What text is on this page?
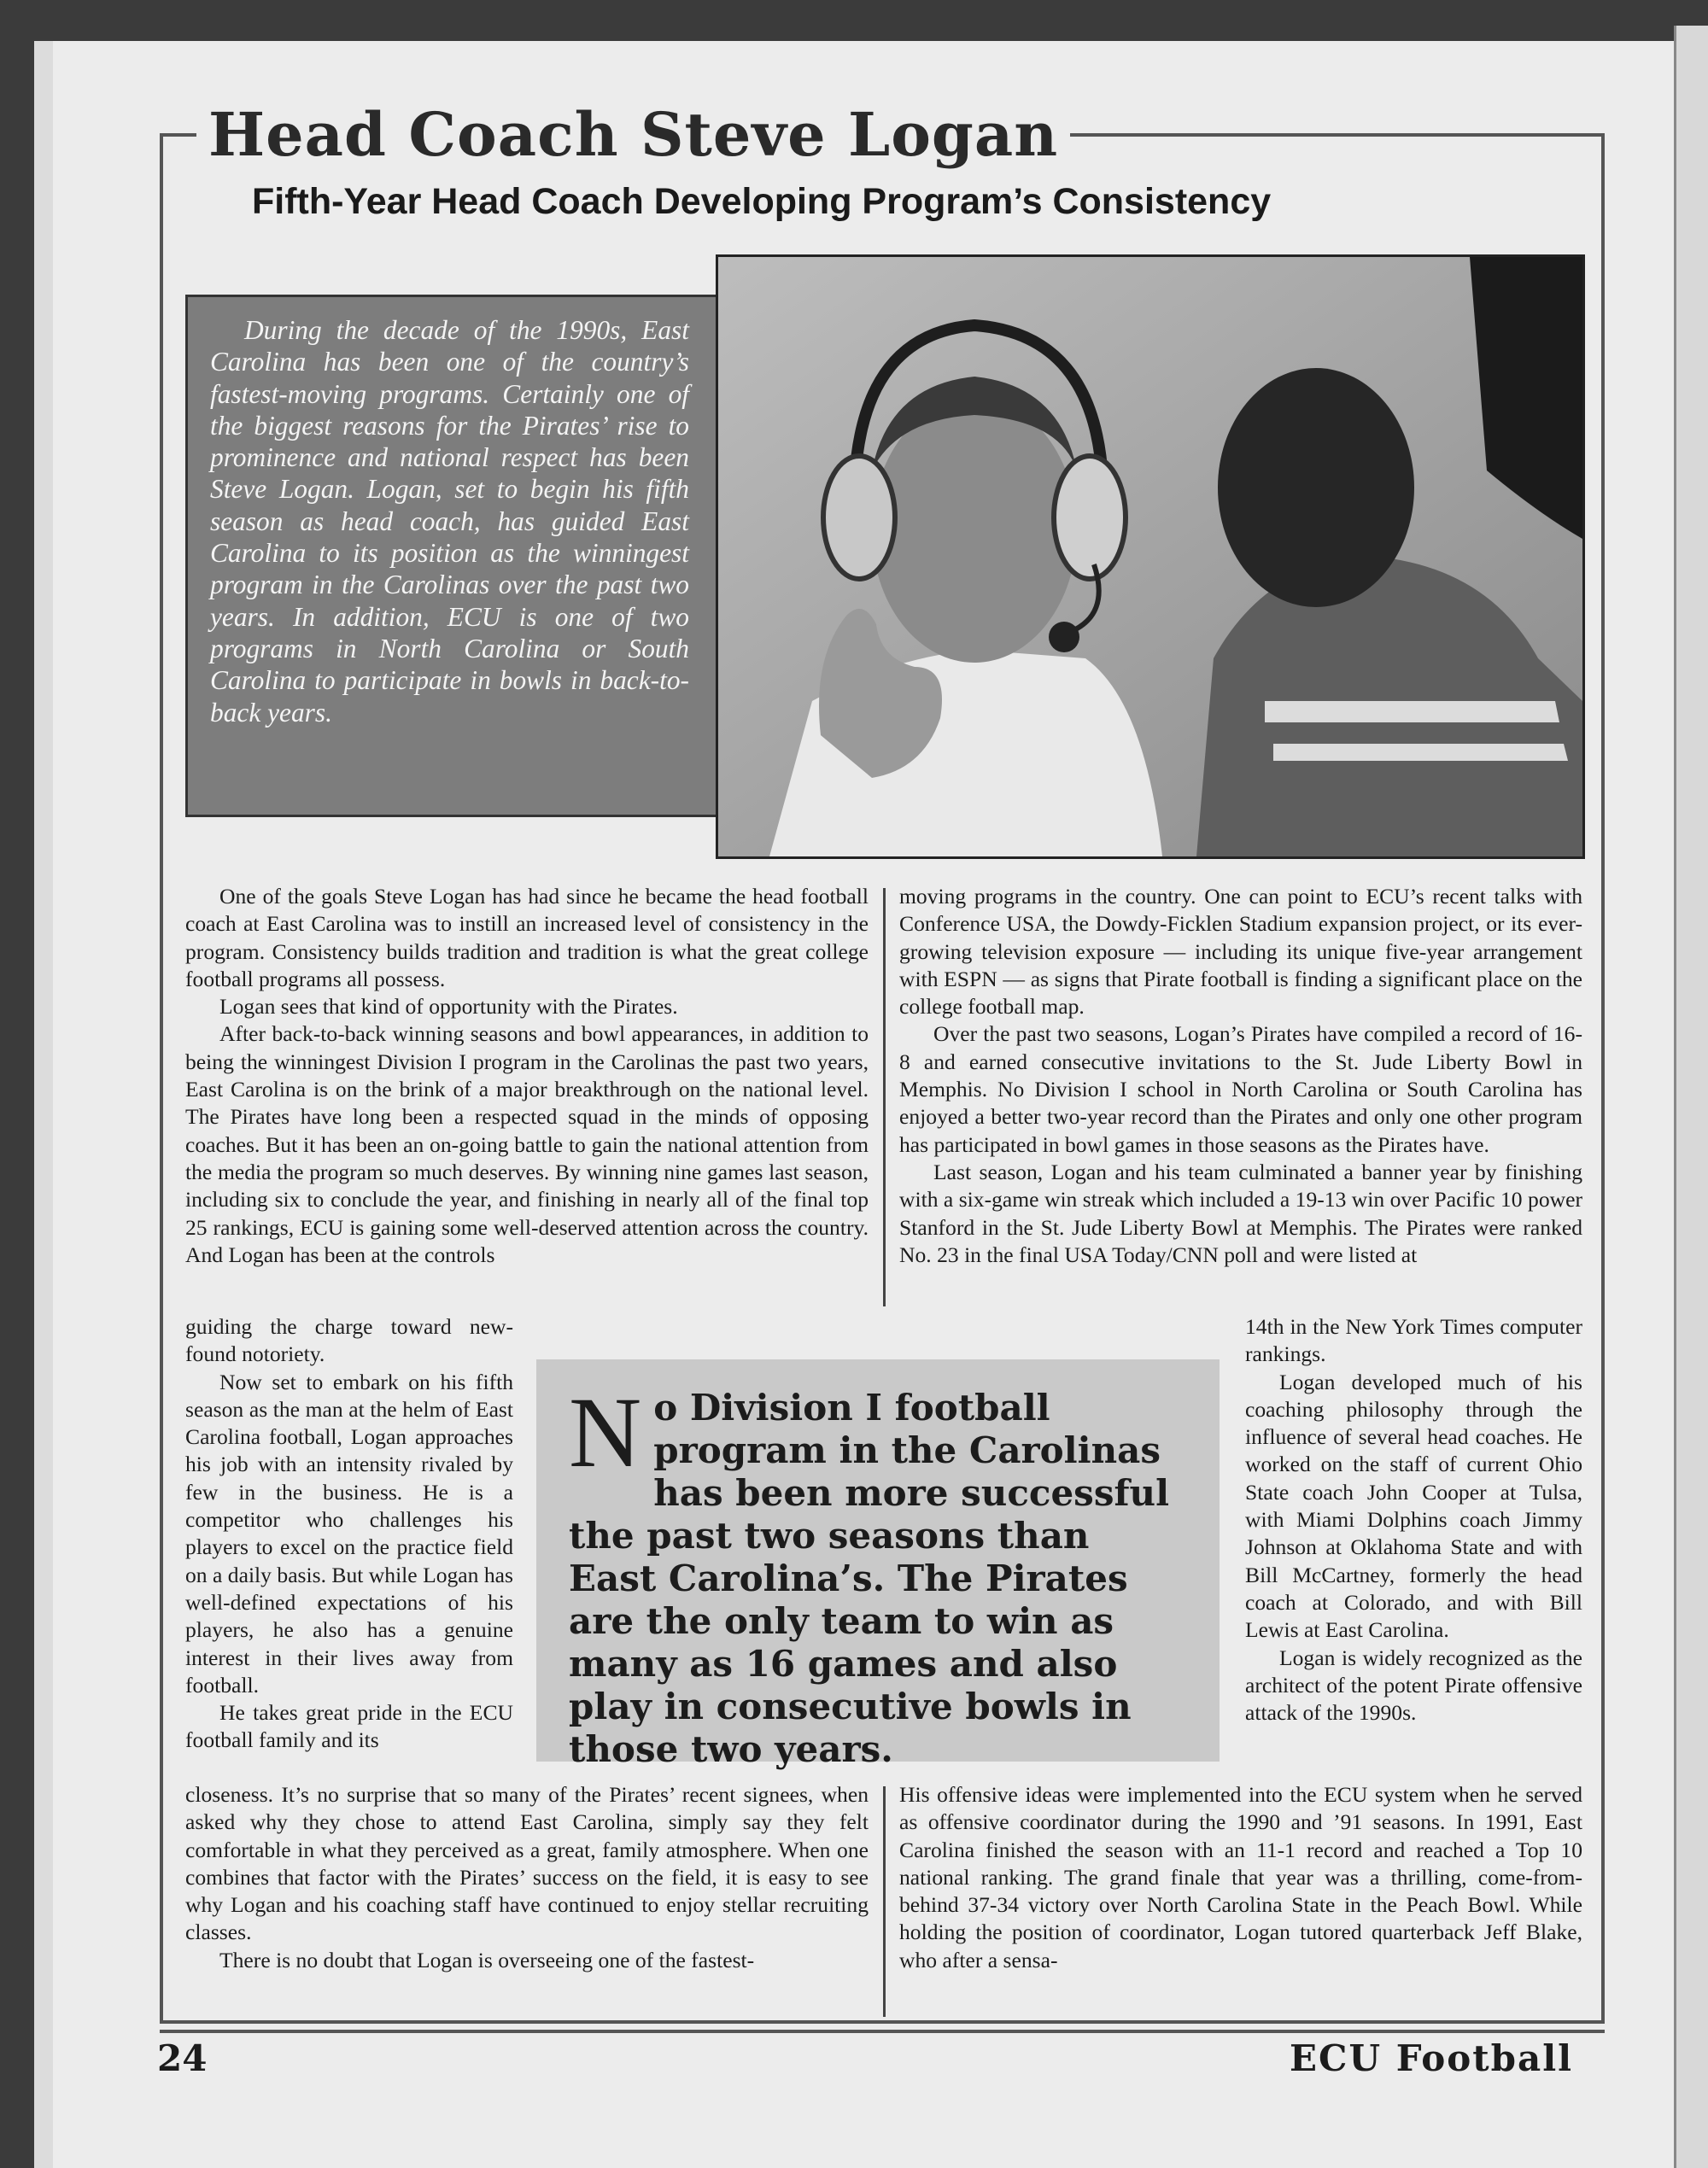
Head Coach Steve Logan
Fifth-Year Head Coach Developing Program’s Consistency

During the decade of the 1990s, East Carolina has been one of the country’s fastest-moving programs. Certainly one of the biggest reasons for the Pirates’ rise to prominence and national respect has been Steve Logan. Logan, set to begin his fifth season as head coach, has guided East Carolina to its position as the winningest program in the Carolinas over the past two years. In addition, ECU is one of two programs in North Carolina or South Carolina to participate in bowls in back-to-back years.

One of the goals Steve Logan has had since he became the head football coach at East Carolina was to instill an increased level of consistency in the program. Consistency builds tradition and tradition is what the great college football programs all possess.

Logan sees that kind of opportunity with the Pirates.

After back-to-back winning seasons and bowl appearances, in addition to being the winningest Division I program in the Carolinas the past two years, East Carolina is on the brink of a major breakthrough on the national level. The Pirates have long been a respected squad in the minds of opposing coaches. But it has been an on-going battle to gain the national attention from the media the program so much deserves. By winning nine games last season, including six to conclude the year, and finishing in nearly all of the final top 25 rankings, ECU is gaining some well-deserved attention across the country. And Logan has been at the controls

moving programs in the country. One can point to ECU’s recent talks with Conference USA, the Dowdy-Ficklen Stadium expansion project, or its ever-growing television exposure — including its unique five-year arrangement with ESPN — as signs that Pirate football is finding a significant place on the college football map.

Over the past two seasons, Logan’s Pirates have compiled a record of 16-8 and earned consecutive invitations to the St. Jude Liberty Bowl in Memphis. No Division I school in North Carolina or South Carolina has enjoyed a better two-year record than the Pirates and only one other program has participated in bowl games in those seasons as the Pirates have.

Last season, Logan and his team culminated a banner year by finishing with a six-game win streak which included a 19-13 win over Pacific 10 power Stanford in the St. Jude Liberty Bowl at Memphis. The Pirates were ranked No. 23 in the final USA Today/CNN poll and were listed at

guiding the charge toward new-found notoriety.

Now set to embark on his fifth season as the man at the helm of East Carolina football, Logan approaches his job with an intensity rivaled by few in the business. He is a competitor who challenges his players to excel on the practice field on a daily basis. But while Logan has well-defined expectations of his players, he also has a genuine interest in their lives away from football.

He takes great pride in the ECU football family and its

No Division I football program in the Carolinas has been more successful the past two seasons than East Carolina’s. The Pirates are the only team to win as many as 16 games and also play in consecutive bowls in those two years.

14th in the New York Times computer rankings.

Logan developed much of his coaching philosophy through the influence of several head coaches. He worked on the staff of current Ohio State coach John Cooper at Tulsa, with Miami Dolphins coach Jimmy Johnson at Oklahoma State and with Bill McCartney, formerly the head coach at Colorado, and with Bill Lewis at East Carolina.

Logan is widely recognized as the architect of the potent Pirate offensive attack of the 1990s.

closeness. It’s no surprise that so many of the Pirates’ recent signees, when asked why they chose to attend East Carolina, simply say they felt comfortable in what they perceived as a great, family atmosphere. When one combines that factor with the Pirates’ success on the field, it is easy to see why Logan and his coaching staff have continued to enjoy stellar recruiting classes.

There is no doubt that Logan is overseeing one of the fastest-

His offensive ideas were implemented into the ECU system when he served as offensive coordinator during the 1990 and ’91 seasons. In 1991, East Carolina finished the season with an 11-1 record and reached a Top 10 national ranking. The grand finale that year was a thrilling, come-from-behind 37-34 victory over North Carolina State in the Peach Bowl. While holding the position of coordinator, Logan tutored quarterback Jeff Blake, who after a sensa-

24	ECU Football
